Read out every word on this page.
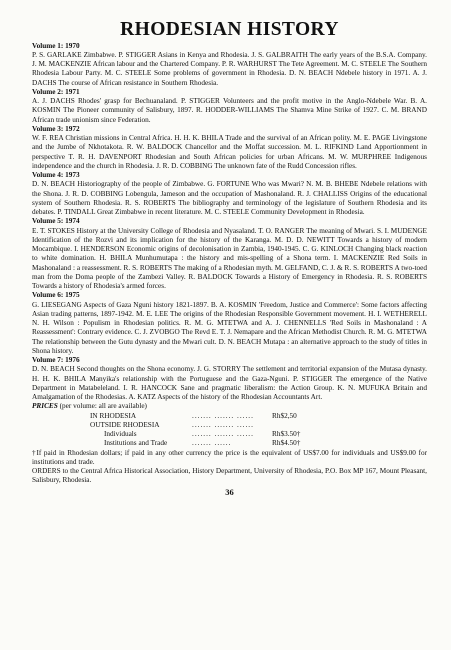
RHODESIAN HISTORY

Volume 1: 1970

P. S. GARLAKE Zimbabwe. P. STIGGER Asians in Kenya and Rhodesia. J. S. GALBRAITH The early years of the B.S.A. Company. J. M. MACKENZIE African labour and the Chartered Company. P. R. WARHURST The Tete Agreement. M. C. STEELE The Southern Rhodesia Labour Party. M. C. STEELE Some problems of government in Rhodesia. D. N. BEACH Ndebele history in 1971. A. J. DACHS The course of African resistance in Southern Rhodesia.

Volume 2: 1971

A. J. DACHS Rhodes' grasp for Bechuanaland. P. STIGGER Volunteers and the profit motive in the Anglo-Ndebele War. B. A. KOSMIN The Pioneer community of Salisbury, 1897. R. HODDER-WILLIAMS The Shamva Mine Strike of 1927. C. M. BRAND African trade unionism since Federation.

Volume 3: 1972

W. F. REA Christian missions in Central Africa. H. H. K. BHILA Trade and the survival of an African polity. M. E. PAGE Livingstone and the Jumbe of Nkhotakota. R. W. BALDOCK Chancellor and the Moffat succession. M. L. RIFKIND Land Apportionment in perspective T. R. H. DAVENPORT Rhodesian and South African policies for urban Africans. M. W. MURPHREE Indigenous independence and the church in Rhodesia. J. R. D. COBBING The unknown fate of the Rudd Concession rifles.

Volume 4: 1973

D. N. BEACH Historiography of the people of Zimbabwe. G. FORTUNE Who was Mwari? N. M. B. BHEBE Ndebele relations with the Shona. J. R. D. COBBING Lobengula, Jameson and the occupation of Mashonaland. R. J. CHALLISS Origins of the educational system of Southern Rhodesia. R. S. ROBERTS The bibliography and terminology of the legislature of Southern Rhodesia and its debates. P. TINDALL Great Zimbabwe in recent literature. M. C. STEELE Community Development in Rhodesia.

Volume 5: 1974

E. T. STOKES History at the University College of Rhodesia and Nyasaland. T. O. RANGER The meaning of Mwari. S. I. MUDENGE Identification of the Rozvi and its implication for the history of the Karanga. M. D. D. NEWITT Towards a history of modern Mocambique. I. HENDERSON Economic origins of decolonisation in Zambia, 1940-1945. C. G. KINLOCH Changing black reaction to white domination. H. BHILA Munhumutapa : the history and mis-spelling of a Shona term. I. MACKENZIE Red Soils in Mashonaland : a reassessment. R. S. ROBERTS The making of a Rhodesian myth. M. GELFAND, C. J. & R. S. ROBERTS A two-toed man from the Doma people of the Zambezi Valley. R. BALDOCK Towards a History of Emergency in Rhodesia. R. S. ROBERTS Towards a history of Rhodesia's armed forces.

Volume 6: 1975

G. LIESEGANG Aspects of Gaza Nguni history 1821-1897. B. A. KOSMIN 'Freedom, Justice and Commerce': Some factors affecting Asian trading patterns, 1897-1942. M. E. LEE The origins of the Rhodesian Responsible Government movement. H. I. WETHERELL N. H. Wilson : Populism in Rhodesian politics. R. M. G. MTETWA and A. J. CHENNELLS 'Red Soils in Mashonaland : A Reassessment': Contrary evidence. C. J. ZVOBGO The Revd E. T. J. Nemapare and the African Methodist Church. R. M. G. MTETWA The relationship between the Gutu dynasty and the Mwari cult. D. N. BEACH Mutapa : an alternative approach to the study of titles in Shona history.

Volume 7: 1976

D. N. BEACH Second thoughts on the Shona economy. J. G. STORRY The settlement and territorial expansion of the Mutasa dynasty. H. H. K. BHILA Manyika's relationship with the Portuguese and the Gaza-Nguni. P. STIGGER The emergence of the Native Department in Matabeleland. I. R. HANCOCK Sane and pragmatic liberalism: the Action Group. K. N. MUFUKA Britain and Amalgamation of the Rhodesias. A. KATZ Aspects of the history of the Rhodesian Accountants Art.

PRICES (per volume: all are available)

IN RHODESIA	....... ....... ......	Rh$2,50
OUTSIDE RHODESIA	....... ....... ......
Individuals	....... ....... ......	Rh$3.50†
Institutions and Trade	....... ......	Rh$4.50†

†If paid in Rhodesian dollars; if paid in any other currency the price is the equivalent of US$7.00 for individuals and US$9.00 for institutions and trade.

ORDERS to the Central Africa Historical Association, History Department, University of Rhodesia, P.O. Box MP 167, Mount Pleasant, Salisbury, Rhodesia.

36
